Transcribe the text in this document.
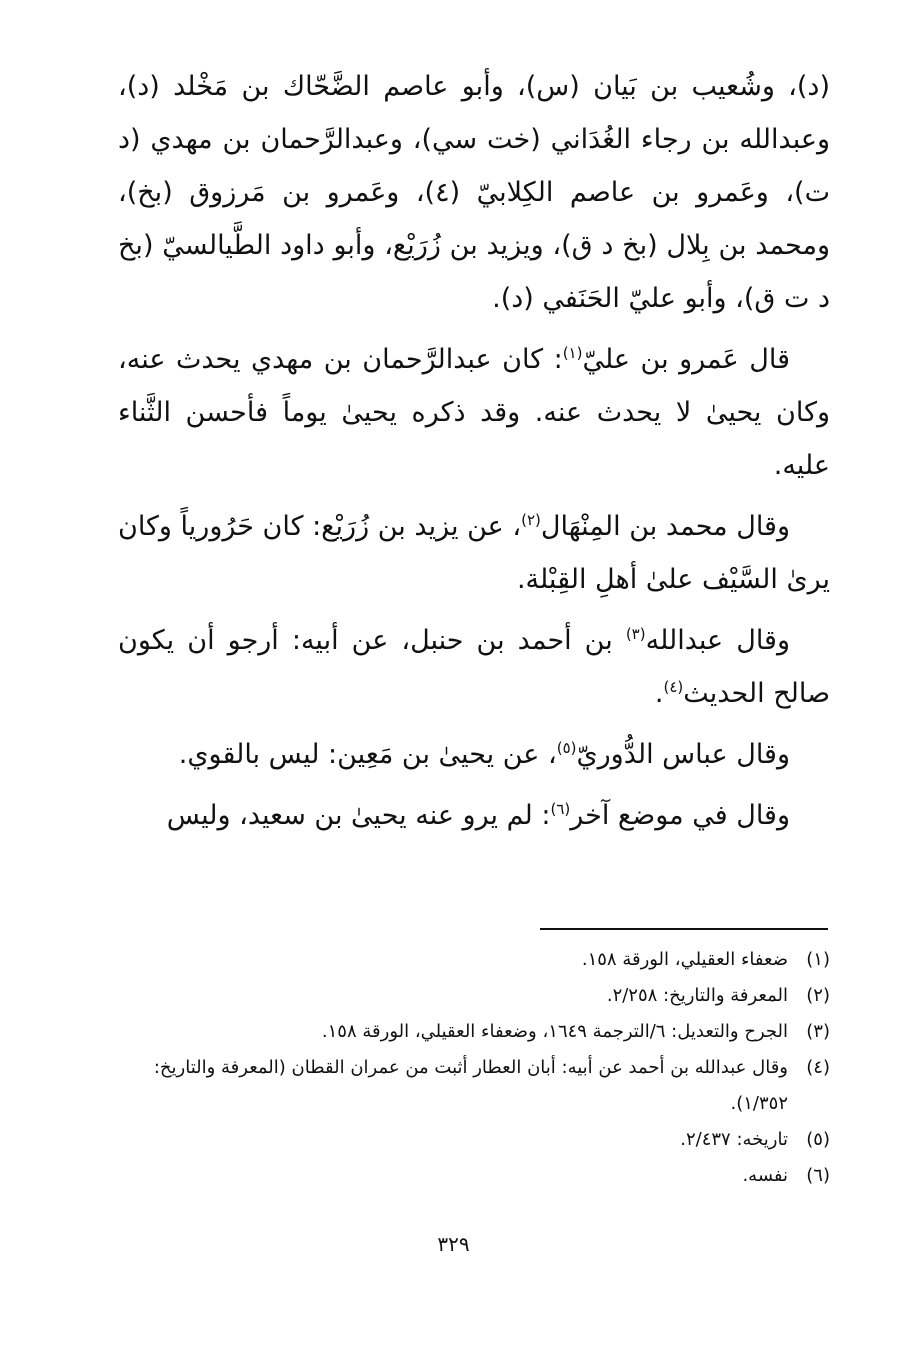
(د)، وشُعيب بن بَيان (س)، وأبو عاصم الضَّحّاك بن مَخْلد (د)، وعبدالله بن رجاء الغُدَاني (خت سي)، وعبدالرَّحمان بن مهدي (د ت)، وعَمرو بن عاصم الكِلابيّ (٤)، وعَمرو بن مَرزوق (بخ)، ومحمد بن بِلال (بخ د ق)، ويزيد بن زُرَيْع، وأبو داود الطَّيالسيّ (بخ د ت ق)، وأبو عليّ الحَنَفي (د).

قال عَمرو بن عليّ$^{(١)}$: كان عبدالرَّحمان بن مهدي يحدث عنه، وكان يحيىٰ لا يحدث عنه. وقد ذكره يحيىٰ يوماً فأحسن الثَّناء عليه.

وقال محمد بن المِنْهَال$^{(٢)}$، عن يزيد بن زُرَيْع: كان حَرُورياً وكان يرىٰ السَّيْف علىٰ أهلِ القِبْلة.

وقال عبدالله$^{(٣)}$ بن أحمد بن حنبل، عن أبيه: أرجو أن يكون صالح الحديث$^{(٤)}$.

وقال عباس الدُّوريّ$^{(٥)}$، عن يحيىٰ بن مَعِين: ليس بالقوي.

وقال في موضع آخر$^{(٦)}$: لم يرو عنه يحيىٰ بن سعيد، وليس

(١)
ضعفاء العقيلي، الورقة ١٥٨.
(٢)
المعرفة والتاريخ: ٢/٢٥٨.
(٣)
الجرح والتعديل: ٦/الترجمة ١٦٤٩، وضعفاء العقيلي، الورقة ١٥٨.
(٤)
وقال عبدالله بن أحمد عن أبيه: أبان العطار أثبت من عمران القطان (المعرفة والتاريخ: ١/٣٥٢).
(٥)
تاريخه: ٢/٤٣٧.
(٦)
نفسه.
٣٢٩
